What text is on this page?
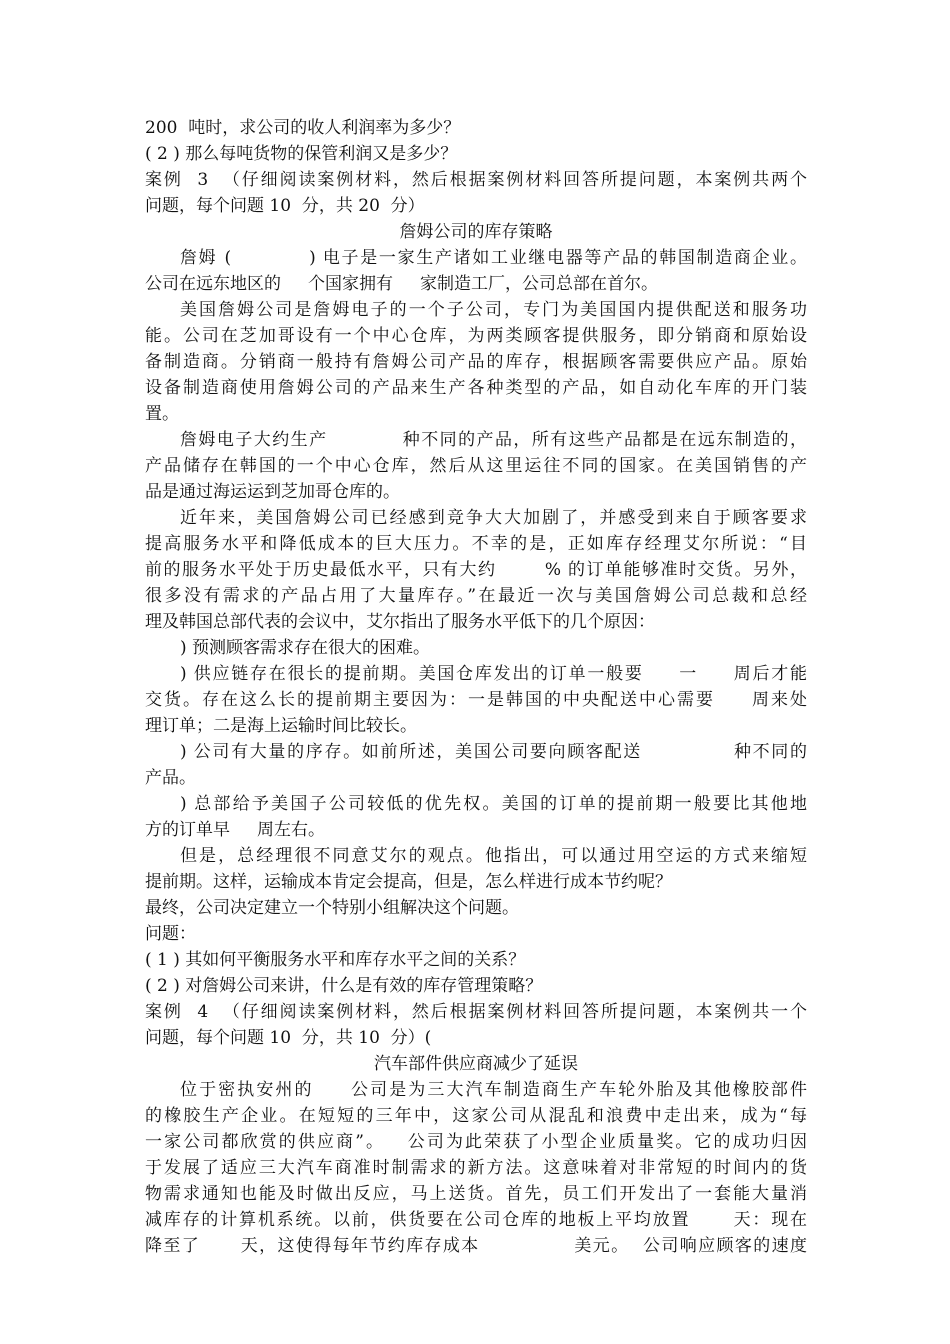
200  吨时，求公司的收人利润率为多少？
( 2 ) 那么每吨货物的保管利润又是多少？
案例  3  （仔细阅读案例材料，然后根据案例材料回答所提问题，本案例共两个
问题，每个问题 10  分，共 20  分）
詹姆公司的库存策略
詹姆 (           ) 电子是一家生产诸如工业继电器等产品的韩国制造商企业。
公司在远东地区的     个国家拥有     家制造工厂，公司总部在首尔。
美国詹姆公司是詹姆电子的一个子公司，专门为美国国内提供配送和服务功
能。公司在芝加哥设有一个中心仓库，为两类顾客提供服务，即分销商和原始设
备制造商。分销商一般持有詹姆公司产品的库存，根据顾客需要供应产品。原始
设备制造商使用詹姆公司的产品来生产各种类型的产品，如自动化车库的开门装
置。
詹姆电子大约生产           种不同的产品，所有这些产品都是在远东制造的，
产品储存在韩国的一个中心仓库，然后从这里运往不同的国家。在美国销售的产
品是通过海运运到芝加哥仓库的。
近年来，美国詹姆公司已经感到竞争大大加剧了，并感受到来自于顾客要求
提高服务水平和降低成本的巨大压力。不幸的是，正如库存经理艾尔所说：“目
前的服务水平处于历史最低水平，只有大约       % 的订单能够准时交货。另外，
很多没有需求的产品占用了大量库存。”在最近一次与美国詹姆公司总裁和总经
理及韩国总部代表的会议中，艾尔指出了服务水平低下的几个原因：
) 预测顾客需求存在很大的困难。
) 供应链存在很长的提前期。美国仓库发出的订单一般要     一     周后才能
交货。存在这么长的提前期主要因为：一是韩国的中央配送中心需要     周来处
理订单；二是海上运输时间比较长。
) 公司有大量的序存。如前所述，美国公司要向顾客配送             种不同的
产品。
) 总部给予美国子公司较低的优先权。美国的订单的提前期一般要比其他地
方的订单早     周左右。
但是，总经理很不同意艾尔的观点。他指出，可以通过用空运的方式来缩短
提前期。这样，运输成本肯定会提高，但是，怎么样进行成本节约呢？
最终，公司决定建立一个特别小组解决这个问题。
问题：
( 1 ) 其如何平衡服务水平和库存水平之间的关系？
( 2 ) 对詹姆公司来讲，什么是有效的库存管理策略？
案例  4  （仔细阅读案例材料，然后根据案例材料回答所提问题，本案例共一个
问题，每个问题 10  分，共 10  分）(
汽车部件供应商减少了延误
位于密执安州的     公司是为三大汽车制造商生产车轮外胎及其他橡胶部件
的橡胶生产企业。在短短的三年中，这家公司从混乱和浪费中走出来，成为“每
一家公司都欣赏的供应商”。   公司为此荣获了小型企业质量奖。它的成功归因
于发展了适应三大汽车商准时制需求的新方法。这意味着对非常短的时间内的货
物需求通知也能及时做出反应，马上送货。首先，员工们开发出了一套能大量消
减库存的计算机系统。以前，供货要在公司仓库的地板上平均放置      天：现在
降至了      天，这使得每年节约库存成本              美元。  公司响应顾客的速度
